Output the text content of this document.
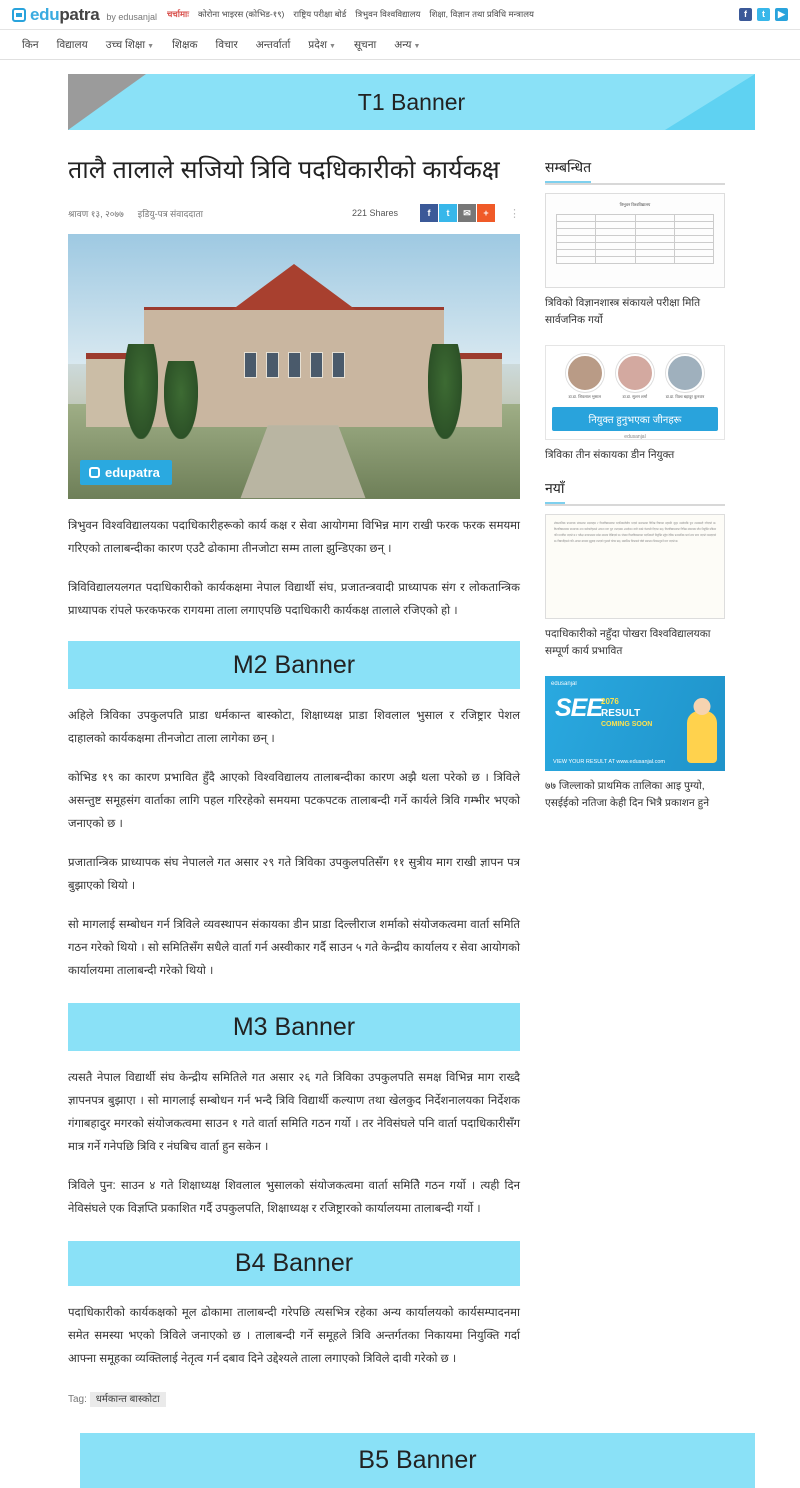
edupatra by edusanjal चर्चामाः कोरोना भाइरस (कोभिड-१९) राष्ट्रिय परीक्षा बोर्ड त्रिभुवन विश्वविद्यालय शिक्षा, विज्ञान तथा प्रविधि मन्त्रालय	f	t	▶
किन विद्यालय उच्च शिक्षा ▼ शिक्षक विचार अन्तर्वार्ता प्रदेश ▼ सूचना अन्य ▼
T1 Banner
तालै तालाले सजियो त्रिवि पदधिकारीको कार्यकक्ष
श्रावण १३, २०७७ इडियु-पत्र संवाददाता	221 Shares	f	t	✉	+	⋮
edupatra

त्रिभुवन विश्वविद्यालयका पदाधिकारीहरूको कार्य कक्ष र सेवा आयोगमा विभिन्न माग राखी फरक फरक समयमा गरिएको तालाबन्दीका कारण एउटै ढोकामा तीनजोटा सम्म ताला झुन्डिएका छन् ।

त्रिविविद्यालयलगत पदाधिकारीको कार्यकक्षमा नेपाल विद्यार्थी संघ, प्रजातन्त्रवादी प्राध्यापक संग र लोकतान्त्रिक प्राध्यापक रांपले फरकफरक रागयमा ताला लगाएपछि पदाधिकारी कार्यकक्ष तालाले रजिएको हो ।

M2 Banner

अहिले त्रिविका उपकुलपति प्राडा धर्मकान्त बास्कोटा, शिक्षाध्यक्ष प्राडा शिवलाल भुसाल र रजिष्ट्रार पेशल दाहालको कार्यकक्षमा तीनजोटा ताला लागेका छन् ।

कोभिड १९ का कारण प्रभावित हुँदै आएको विश्वविद्यालय तालाबन्दीका कारण अझै थला परेको छ । त्रिविले असन्तुष्ट समूहसंग वार्ताका लागि पहल गरिरहेको समयमा पटकपटक तालाबन्दी गर्ने कार्यले त्रिवि गम्भीर भएको जनाएको छ ।

प्रजातान्त्रिक प्राध्यापक संघ नेपालले गत असार २९ गते त्रिविका उपकुलपतिसँग ११ सुत्रीय माग राखी ज्ञापन पत्र बुझाएको थियो ।

सो मागलाई सम्बोधन गर्न त्रिविले व्यवस्थापन संकायका डीन प्राडा दिल्लीराज शर्माको संयोजकत्वमा वार्ता समिति गठन गरेको थियो । सो समितिसँग सधैले वार्ता गर्न अस्वीकार गर्दै साउन ५ गते केन्द्रीय कार्यालय र सेवा आयोगको कार्यालयमा तालाबन्दी गरेको थियो ।

M3 Banner

त्यसतै नेपाल विद्यार्थी संघ केन्द्रीय समितिले गत असार २६ गते त्रिविका उपकुलपति समक्ष विभिन्न माग राख्दै ज्ञापनपत्र बुझाएा । सो मागलाई सम्बोधन गर्न भन्दै त्रिवि विद्यार्थी कल्याण तथा खेलकुद निर्देशनालयका निर्देशक गंगाबहादुर मगरको संयोजकत्वमा साउन १ गते वार्ता समिति गठन गर्यो । तर नेविसंघले पनि वार्ता पदाधिकारीसँग मात्र गर्ने गनेपछि त्रिवि र नंघबिच वार्ता हुन सकेन ।

त्रिविले पुन: साउन ४ गते शिक्षाध्यक्ष शिवलाल भुसालको संयोजकत्वमा वार्ता समितिे गठन गर्यो । त्यही दिन नेविसंघले एक विज्ञप्ति प्रकाशित गर्दै उपकुलपति, शिक्षाध्यक्ष र रजिष्ट्रारको कार्यालयमा तालाबन्दी गर्यो ।

B4 Banner

पदाधिकारीको कार्यकक्षको मूल ढोकामा तालाबन्दी गरेपछि त्यसभित्र रहेका अन्य कार्यालयको कार्यसम्पादनमा समेत समस्या भएको त्रिविले जनाएको छ । तालाबन्दी गर्ने समूहले त्रिवि अन्तर्गतका निकायमा नियुक्ति गर्दा आफ्ना समूहका व्यक्तिलाई नेतृत्व गर्न दबाव दिने उद्देश्यले ताला लगाएको त्रिविले दावी गरेको छ ।

Tag: धर्मकान्त बास्कोटा
सम्बन्धित
त्रिभुवन विश्वविद्यालय

त्रिविको विज्ञानशास्त्र संकायले परीक्षा मिति सार्वजनिक गर्यो
डा.डा. शिवलाल भुसाल	डा.डा. सुशन शर्मा	डा.डा. विश्व बहादुर कुनवार
नियुक्त हुनुभएका जीनहरू
edusanjal
त्रिविका तीन संकायका डीन नियुक्त
नयाँ
लोकतान्त्रिक प्राध्यापक संगठनका सदस्यहरू र विश्वविद्यालयका पदाधिकारीबीच भएको छलफलमा विभिन्न विषयमा सहमति जुट्न नसकेपछि पुनः तालाबन्दी गरिएको छ। विश्वविद्यालयका प्राध्यापक तथा कर्मचारीहरूले आफ्ना माग पूरा नभएसम्म आन्दोलन जारी राख्ने चेतावनी दिएका छन्। विश्वविद्यालयका विभिन्न संकायका डीन नियुक्ति प्रक्रिया पनि प्रभावित भएको छ र परीक्षा सञ्चालनमा समेत समस्या देखिएको छ। पोखरा विश्वविद्यालयमा पदाधिकारी नियुक्ति नहुँदा दैनिक प्रशासनिक कार्य ठप्प प्रायः भएको जनाइएको छ। विद्यार्थीहरूले पनि आफ्ना समस्या सुनुवाइ नभएको गुनासो गरेका छन्। सम्बन्धित निकायले चाँडो समाधान निकाल्नुपर्ने माग भएको छ।
पदाधिकारीको नहुँदा पोखरा विश्वविद्यालयका सम्पूर्ण कार्य प्रभावित
edusanjal
SEE
2076
RESULT
COMING SOON
VIEW YOUR RESULT AT www.edusanjal.com
७७ जिल्लाको प्राथमिक तालिका आइ पुग्यो, एसईईको नतिजा केही दिन भित्रै प्रकाशन हुने
B5 Banner
